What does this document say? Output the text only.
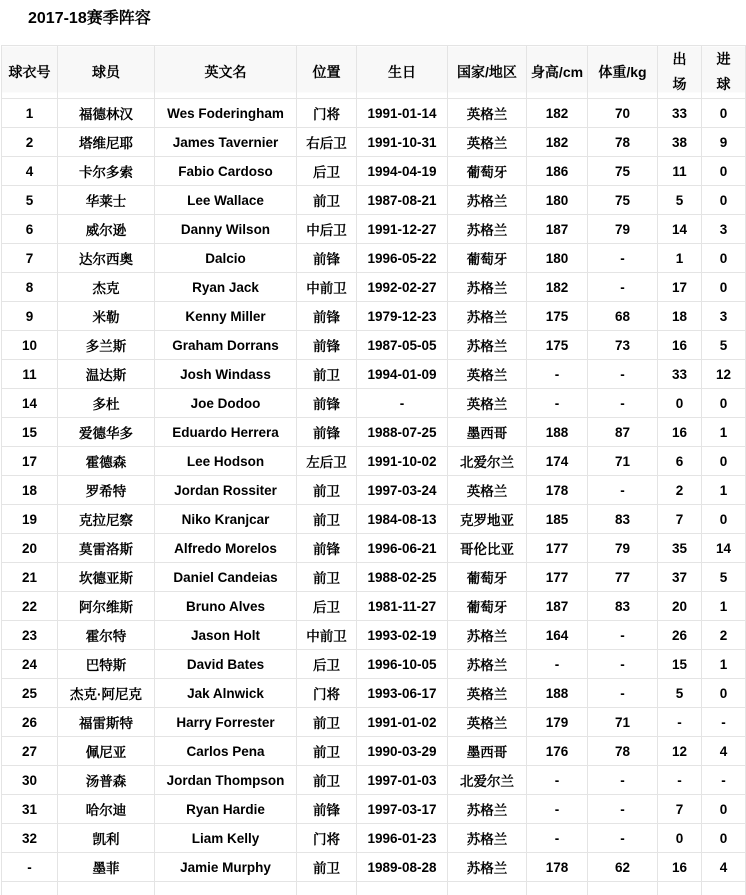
2017-18赛季阵容
球衣号	球员	英文名	位置	生日	国家/地区	身高/cm	体重/kg	出场	进球
1	福德林汉	Wes Foderingham	门将	1991-01-14	英格兰	182	70	33	0
2	塔维尼耶	James Tavernier	右后卫	1991-10-31	英格兰	182	78	38	9
4	卡尔多索	Fabio Cardoso	后卫	1994-04-19	葡萄牙	186	75	11	0
5	华莱士	Lee Wallace	前卫	1987-08-21	苏格兰	180	75	5	0
6	威尔逊	Danny Wilson	中后卫	1991-12-27	苏格兰	187	79	14	3
7	达尔西奥	Dalcio	前锋	1996-05-22	葡萄牙	180	-	1	0
8	杰克	Ryan Jack	中前卫	1992-02-27	苏格兰	182	-	17	0
9	米勒	Kenny Miller	前锋	1979-12-23	苏格兰	175	68	18	3
10	多兰斯	Graham Dorrans	前锋	1987-05-05	苏格兰	175	73	16	5
11	温达斯	Josh Windass	前卫	1994-01-09	英格兰	-	-	33	12
14	多杜	Joe Dodoo	前锋	-	英格兰	-	-	0	0
15	爱德华多	Eduardo Herrera	前锋	1988-07-25	墨西哥	188	87	16	1
17	霍德森	Lee Hodson	左后卫	1991-10-02	北爱尔兰	174	71	6	0
18	罗希特	Jordan Rossiter	前卫	1997-03-24	英格兰	178	-	2	1
19	克拉尼察	Niko Kranjcar	前卫	1984-08-13	克罗地亚	185	83	7	0
20	莫雷洛斯	Alfredo Morelos	前锋	1996-06-21	哥伦比亚	177	79	35	14
21	坎德亚斯	Daniel Candeias	前卫	1988-02-25	葡萄牙	177	77	37	5
22	阿尔维斯	Bruno Alves	后卫	1981-11-27	葡萄牙	187	83	20	1
23	霍尔特	Jason Holt	中前卫	1993-02-19	苏格兰	164	-	26	2
24	巴特斯	David Bates	后卫	1996-10-05	苏格兰	-	-	15	1
25	杰克·阿尼克	Jak Alnwick	门将	1993-06-17	英格兰	188	-	5	0
26	福雷斯特	Harry Forrester	前卫	1991-01-02	英格兰	179	71	-	-
27	佩尼亚	Carlos Pena	前卫	1990-03-29	墨西哥	176	78	12	4
30	汤普森	Jordan Thompson	前卫	1997-01-03	北爱尔兰	-	-	-	-
31	哈尔迪	Ryan Hardie	前锋	1997-03-17	苏格兰	-	-	7	0
32	凯利	Liam Kelly	门将	1996-01-23	苏格兰	-	-	0	0
-	墨菲	Jamie Murphy	前卫	1989-08-28	苏格兰	178	62	16	4
